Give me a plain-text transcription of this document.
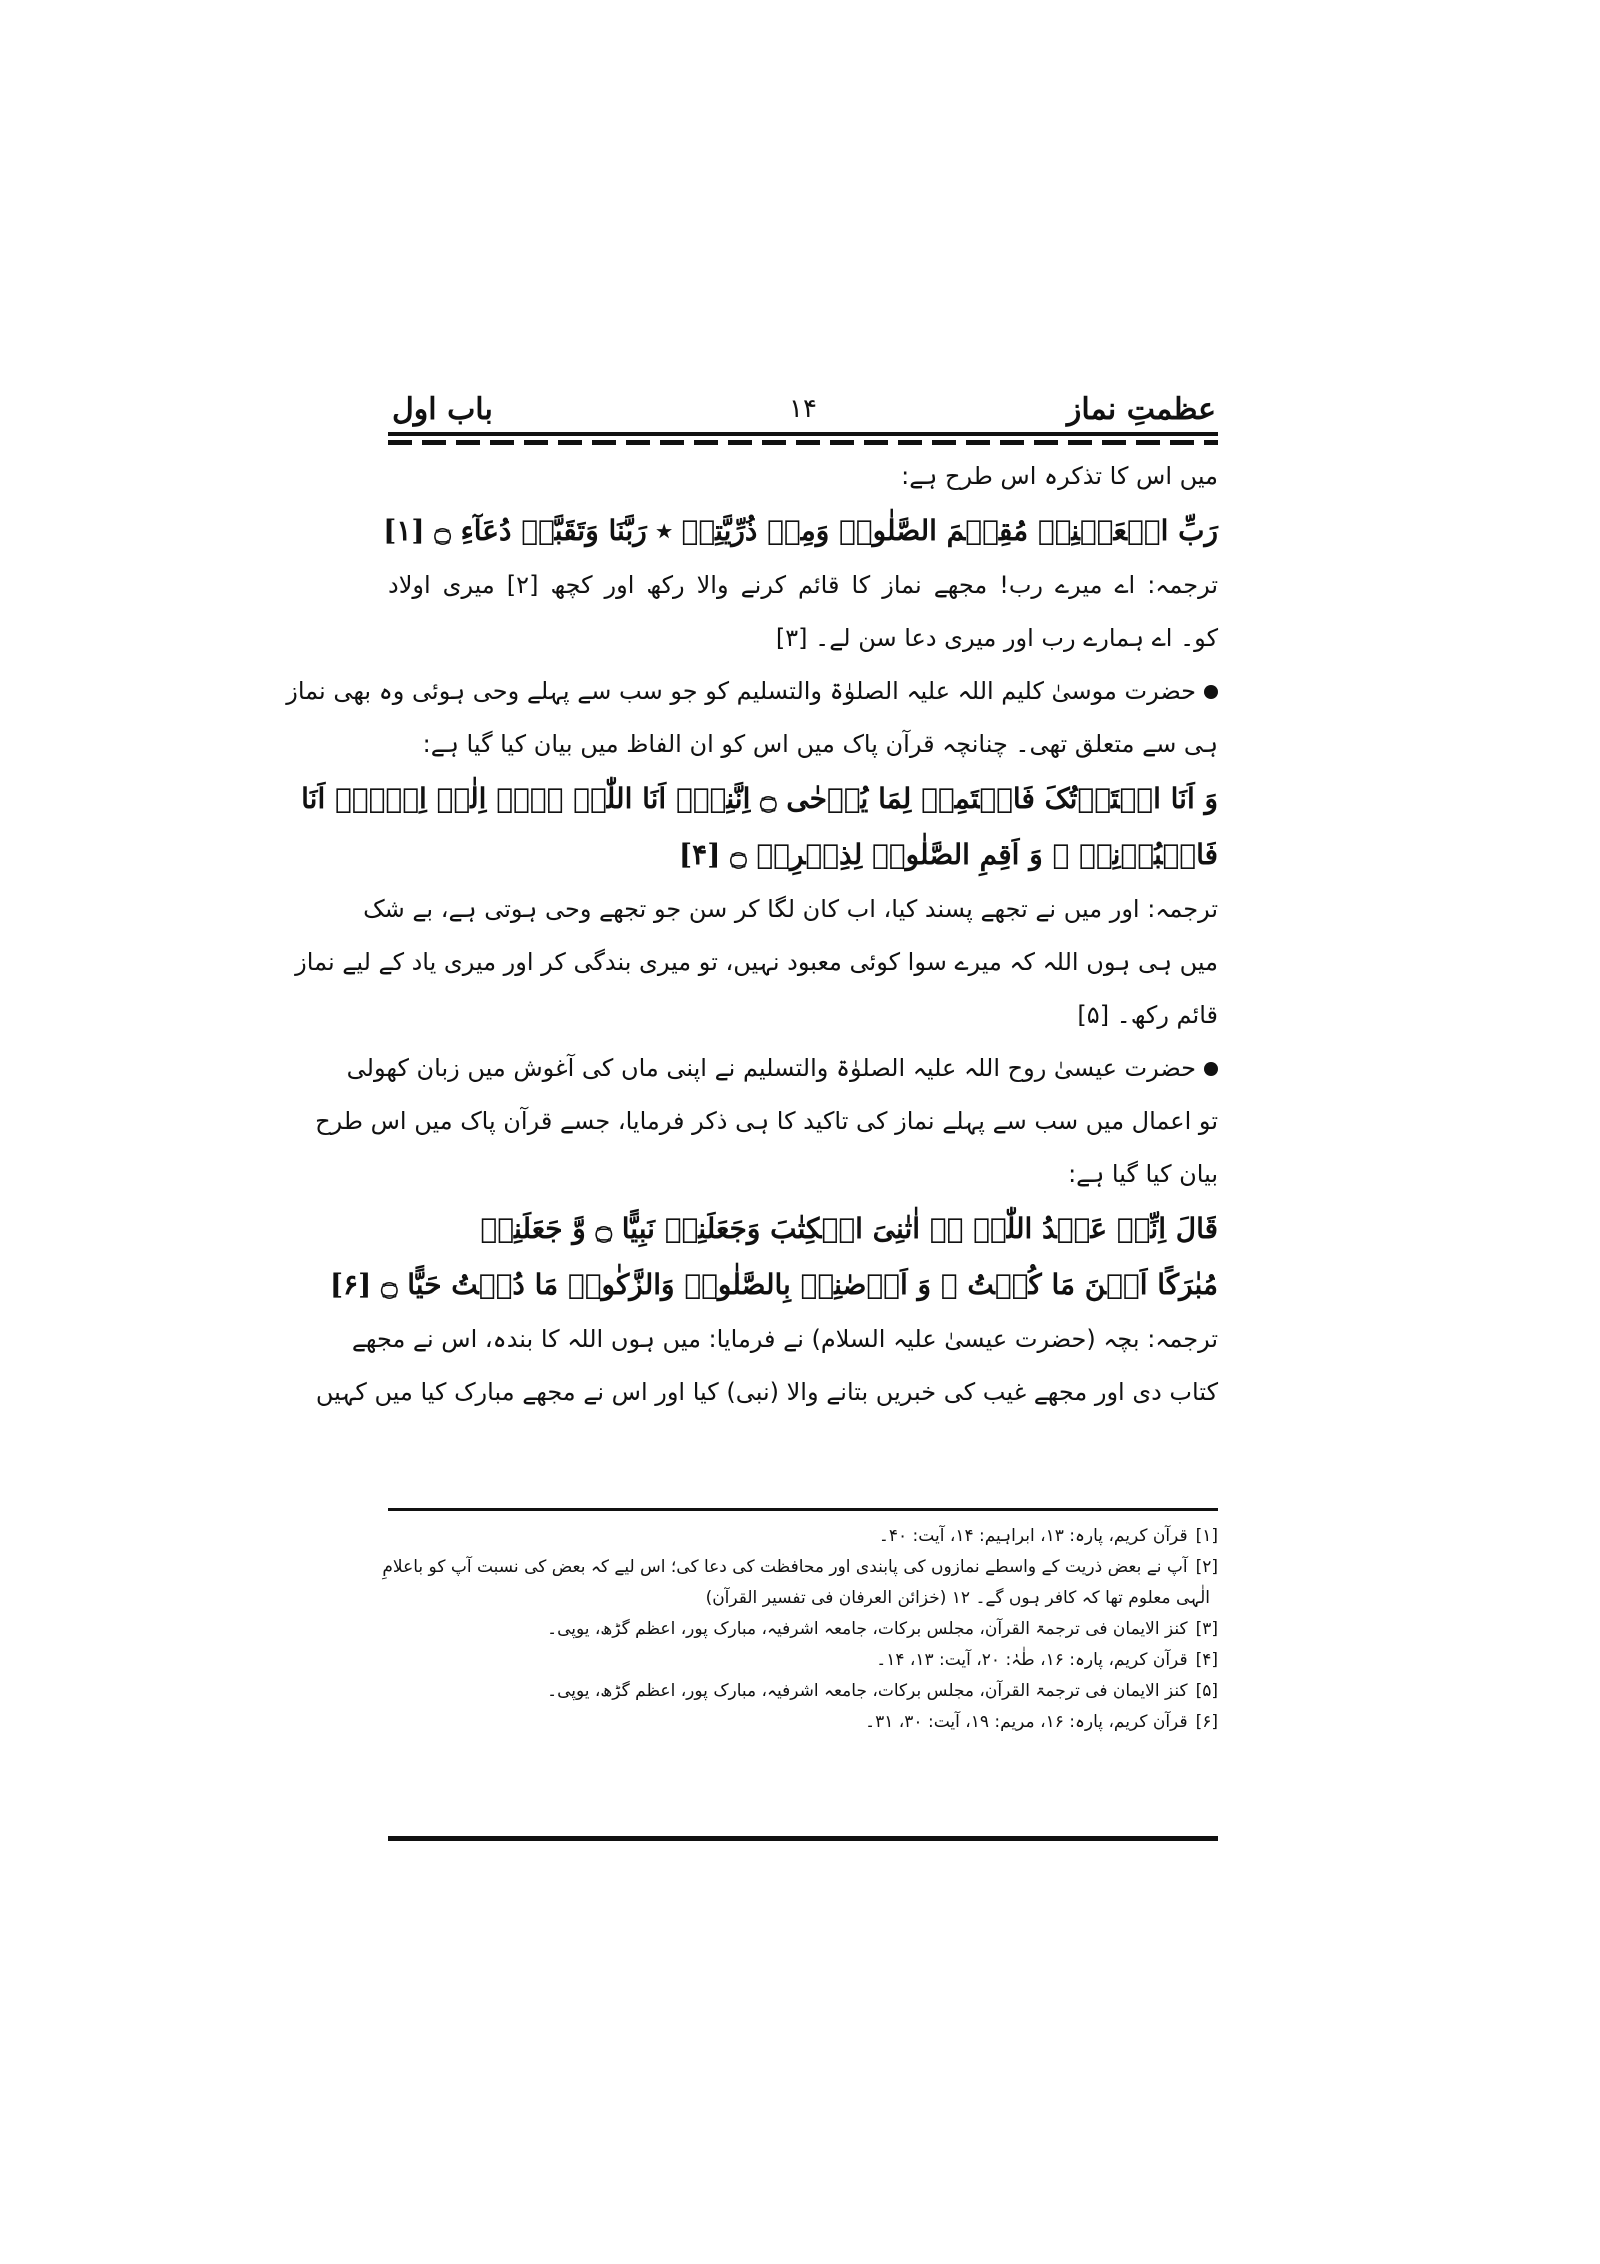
عظمتِ نماز
۱۴
باب اول
میں اس کا تذکرہ اس طرح ہے:
رَبِّ اجۡعَلۡنِیۡ مُقِیۡمَ الصَّلٰوۃِ وَمِنۡ ذُرِّیَّتِیۡ ٭ رَبَّنَا وَتَقَبَّلۡ دُعَآءِ ۝ [۱]
ترجمہ: اے میرے رب! مجھے نماز کا قائم کرنے والا رکھ اور کچھ [۲] میری اولاد
کو۔ اے ہمارے رب اور میری دعا سن لے۔ [۳]
حضرت موسیٰ کلیم اللہ علیہ الصلوٰۃ والتسلیم کو جو سب سے پہلے وحی ہوئی وہ بھی نماز
ہی سے متعلق تھی۔ چنانچہ قرآن پاک میں اس کو ان الفاظ میں بیان کیا گیا ہے:
وَ اَنَا اخۡتَرۡتُکَ فَاسۡتَمِعۡ لِمَا یُوۡحٰی ۝ اِنَّنِیۡۤ اَنَا اللّٰہُ لَاۤ اِلٰہَ اِلَّاۤ اَنَا
فَاعۡبُدۡنِیۡ ۙ وَ اَقِمِ الصَّلٰوۃَ لِذِکۡرِیۡ ۝ [۴]
ترجمہ: اور میں نے تجھے پسند کیا، اب کان لگا کر سن جو تجھے وحی ہوتی ہے، بے شک
میں ہی ہوں اللہ کہ میرے سوا کوئی معبود نہیں، تو میری بندگی کر اور میری یاد کے لیے نماز
قائم رکھ۔ [۵]
حضرت عیسیٰ روح اللہ علیہ الصلوٰۃ والتسلیم نے اپنی ماں کی آغوش میں زبان کھولی
تو اعمال میں سب سے پہلے نماز کی تاکید کا ہی ذکر فرمایا، جسے قرآن پاک میں اس طرح
بیان کیا گیا ہے:
قَالَ اِنِّیۡ عَبۡدُ اللّٰہِ ۟ؕ اٰتٰنِیَ الۡکِتٰبَ وَجَعَلَنِیۡ نَبِیًّا ۝ وَّ جَعَلَنِیۡ
مُبٰرَکًا اَیۡنَ مَا کُنۡتُ ۪ وَ اَوۡصٰنِیۡ بِالصَّلٰوۃِ وَالزَّکٰوۃِ مَا دُمۡتُ حَیًّا ۝ [۶]
ترجمہ: بچہ (حضرت عیسیٰ علیہ السلام) نے فرمایا: میں ہوں اللہ کا بندہ، اس نے مجھے
کتاب دی اور مجھے غیب کی خبریں بتانے والا (نبی) کیا اور اس نے مجھے مبارک کیا میں کہیں
[۱]قرآن کریم، پارہ: ۱۳، ابراہیم: ۱۴، آیت: ۴۰۔
[۲]آپ نے بعض ذریت کے واسطے نمازوں کی پابندی اور محافظت کی دعا کی؛ اس لیے کہ بعض کی نسبت آپ کو باعلامِ
الٰہی معلوم تھا کہ کافر ہوں گے۔ ۱۲ (خزائن العرفان فی تفسیر القرآن)
[۳]کنز الایمان فی ترجمۃ القرآن، مجلس برکات، جامعہ اشرفیہ، مبارک پور، اعظم گڑھ، یوپی۔
[۴]قرآن کریم، پارہ: ۱۶، طٰہٰ: ۲۰، آیت: ۱۳، ۱۴۔
[۵]کنز الایمان فی ترجمۃ القرآن، مجلس برکات، جامعہ اشرفیہ، مبارک پور، اعظم گڑھ، یوپی۔
[۶]قرآن کریم، پارہ: ۱۶، مریم: ۱۹، آیت: ۳۰، ۳۱۔
